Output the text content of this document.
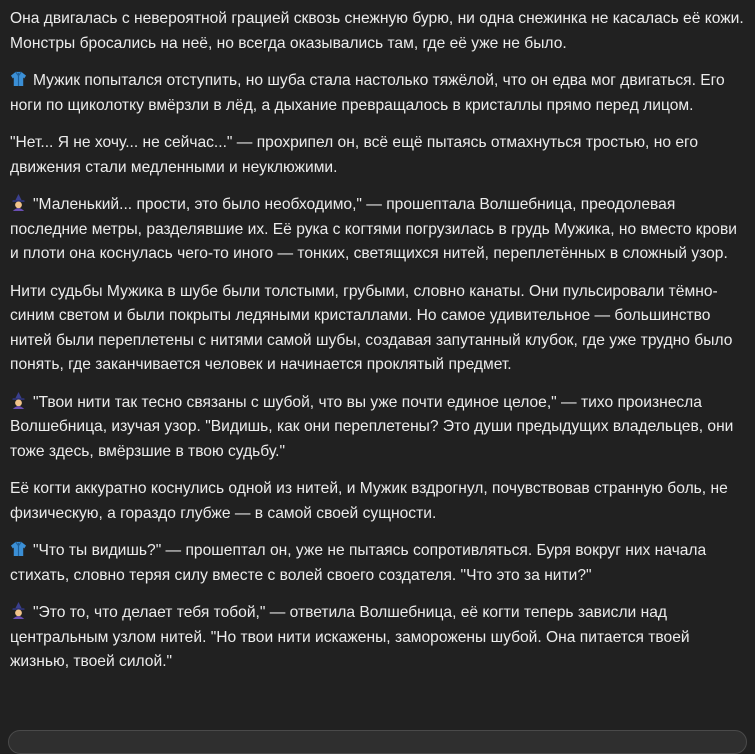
Она двигалась с невероятной грацией сквозь снежную бурю, ни одна снежинка не касалась её кожи. Монстры бросались на неё, но всегда оказывались там, где её уже не было.

Мужик попытался отступить, но шуба стала настолько тяжёлой, что он едва мог двигаться. Его ноги по щиколотку вмёрзли в лёд, а дыхание превращалось в кристаллы прямо перед лицом.

"Нет... Я не хочу... не сейчас..." — прохрипел он, всё ещё пытаясь отмахнуться тростью, но его движения стали медленными и неуклюжими.

"Маленький... прости, это было необходимо," — прошептала Волшебница, преодолевая последние метры, разделявшие их. Её рука с когтями погрузилась в грудь Мужика, но вместо крови и плоти она коснулась чего-то иного — тонких, светящихся нитей, переплетённых в сложный узор.

Нити судьбы Мужика в шубе были толстыми, грубыми, словно канаты. Они пульсировали тёмно-синим светом и были покрыты ледяными кристаллами. Но самое удивительное — большинство нитей были переплетены с нитями самой шубы, создавая запутанный клубок, где уже трудно было понять, где заканчивается человек и начинается проклятый предмет.

"Твои нити так тесно связаны с шубой, что вы уже почти единое целое," — тихо произнесла Волшебница, изучая узор. "Видишь, как они переплетены? Это души предыдущих владельцев, они тоже здесь, вмёрзшие в твою судьбу."

Её когти аккуратно коснулись одной из нитей, и Мужик вздрогнул, почувствовав странную боль, не физическую, а гораздо глубже — в самой своей сущности.

"Что ты видишь?" — прошептал он, уже не пытаясь сопротивляться. Буря вокруг них начала стихать, словно теряя силу вместе с волей своего создателя. "Что это за нити?"

"Это то, что делает тебя тобой," — ответила Волшебница, её когти теперь зависли над центральным узлом нитей. "Но твои нити искажены, заморожены шубой. Она питается твоей жизнью, твоей силой."
